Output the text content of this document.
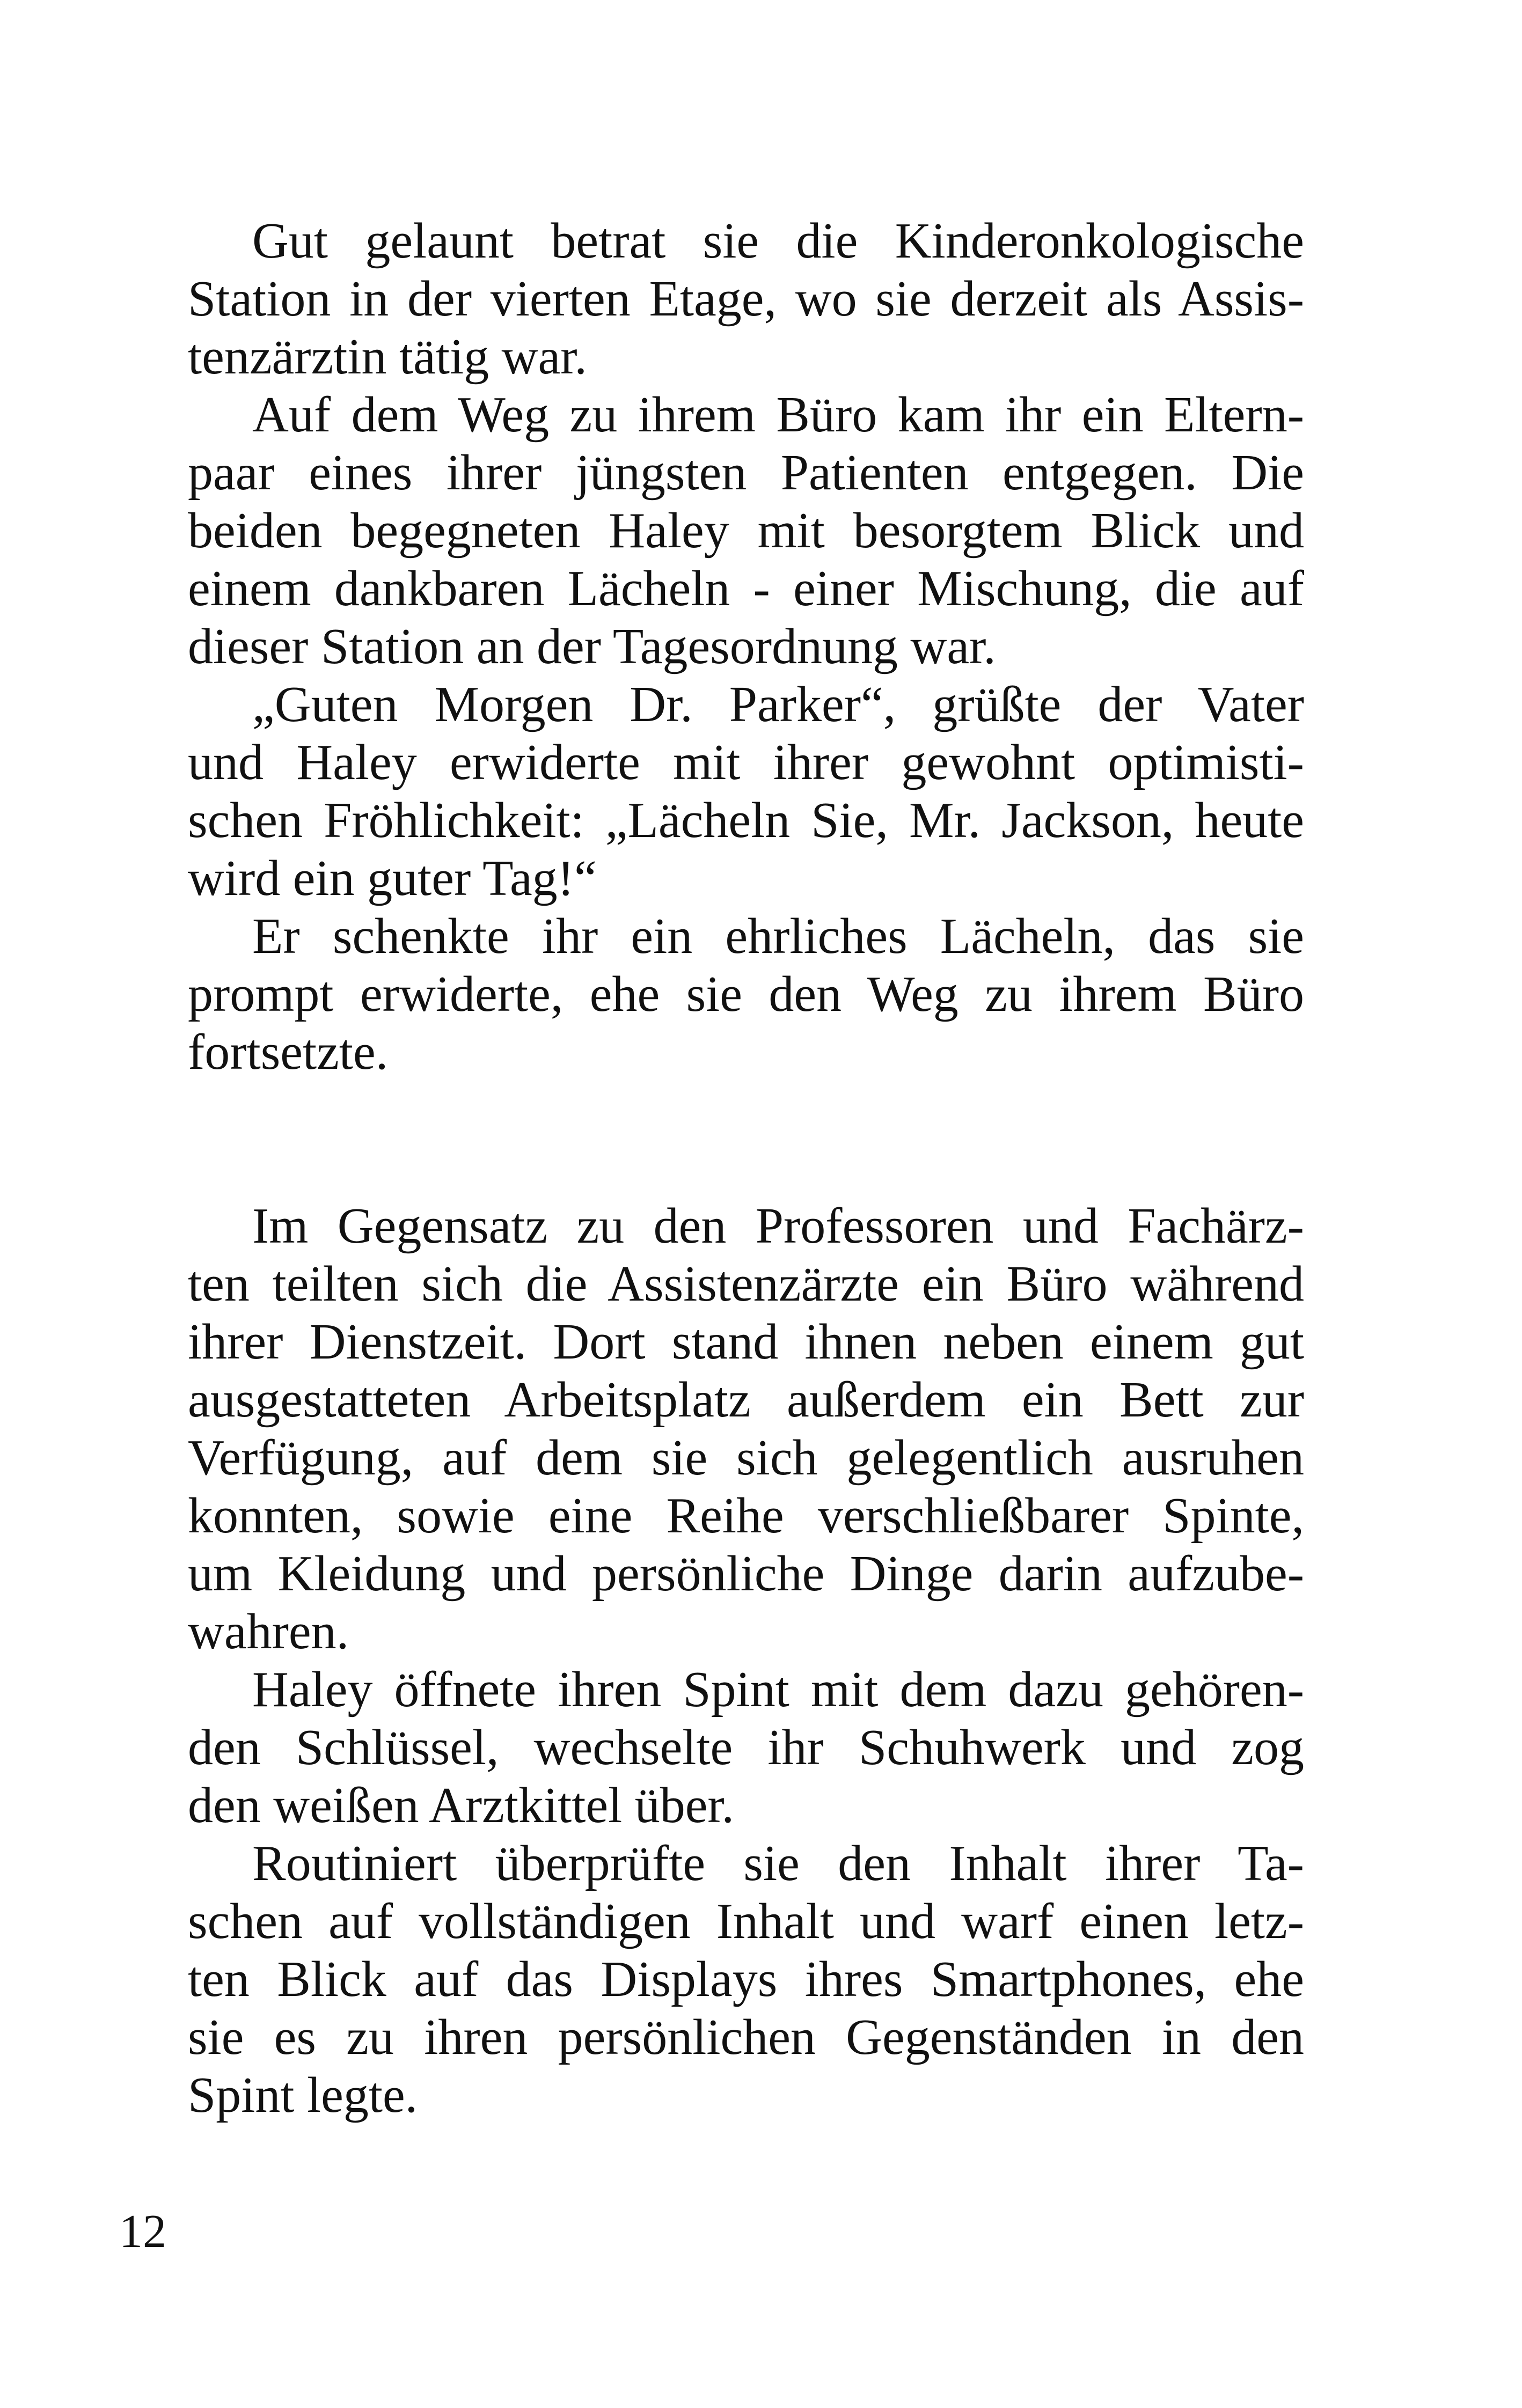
Gut gelaunt betrat sie die Kinderonkologische
Station in der vierten Etage, wo sie derzeit als Assis-
tenzärztin tätig war.
Auf dem Weg zu ihrem Büro kam ihr ein Eltern-
paar eines ihrer jüngsten Patienten entgegen. Die
beiden begegneten Haley mit besorgtem Blick und
einem dankbaren Lächeln - einer Mischung, die auf
dieser Station an der Tagesordnung war.
„Guten Morgen Dr. Parker“, grüßte der Vater
und Haley erwiderte mit ihrer gewohnt optimisti-
schen Fröhlichkeit: „Lächeln Sie, Mr. Jackson, heute
wird ein guter Tag!“
Er schenkte ihr ein ehrliches Lächeln, das sie
prompt erwiderte, ehe sie den Weg zu ihrem Büro
fortsetzte.
Im Gegensatz zu den Professoren und Fachärz-
ten teilten sich die Assistenzärzte ein Büro während
ihrer Dienstzeit. Dort stand ihnen neben einem gut
ausgestatteten Arbeitsplatz außerdem ein Bett zur
Verfügung, auf dem sie sich gelegentlich ausruhen
konnten, sowie eine Reihe verschließbarer Spinte,
um Kleidung und persönliche Dinge darin aufzube-
wahren.
Haley öffnete ihren Spint mit dem dazu gehören-
den Schlüssel, wechselte ihr Schuhwerk und zog
den weißen Arztkittel über.
Routiniert überprüfte sie den Inhalt ihrer Ta-
schen auf vollständigen Inhalt und warf einen letz-
ten Blick auf das Displays ihres Smartphones, ehe
sie es zu ihren persönlichen Gegenständen in den
Spint legte.
12
